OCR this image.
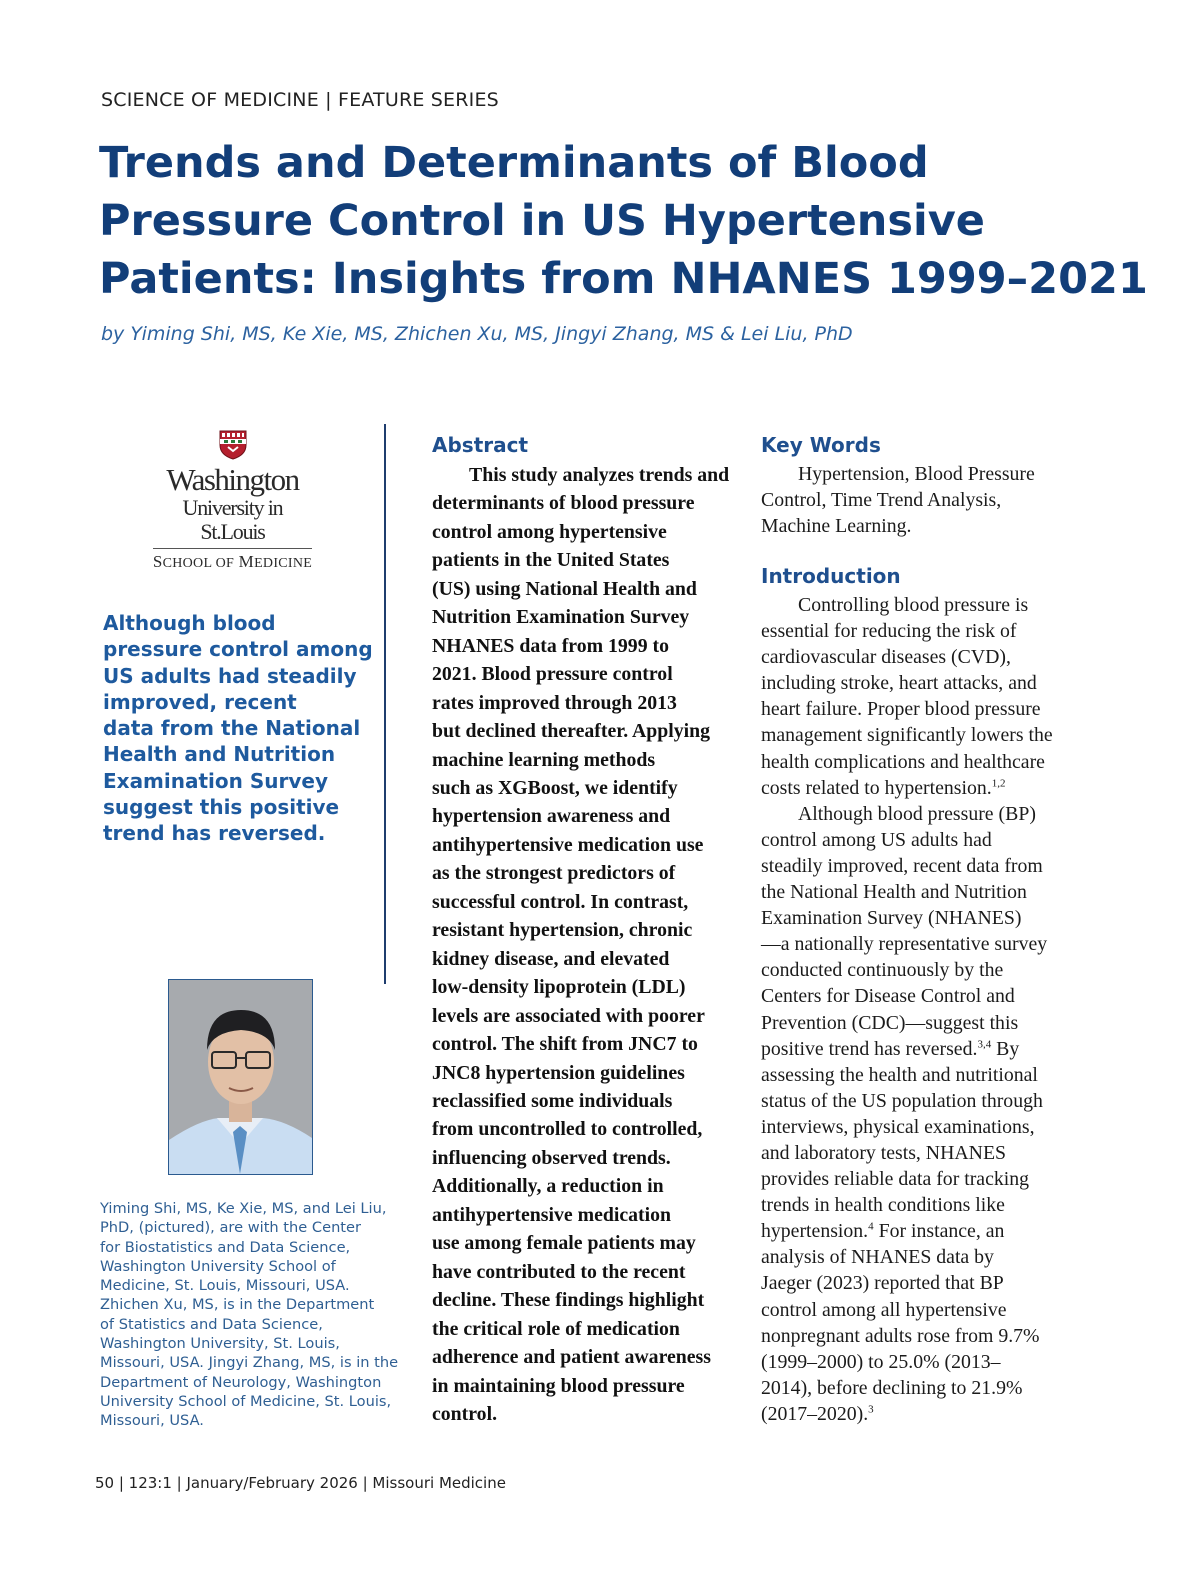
SCIENCE OF MEDICINE | FEATURE SERIES
Trends and Determinants of Blood
Pressure Control in US Hypertensive
Patients: Insights from NHANES 1999–2021
by Yiming Shi, MS, Ke Xie, MS, Zhichen Xu, MS, Jingyi Zhang, MS & Lei Liu, PhD
Washington
University in St.Louis
SCHOOL OF MEDICINE
Although blood
pressure control among
US adults had steadily
improved, recent
data from the National
Health and Nutrition
Examination Survey
suggest this positive
trend has reversed.
Yiming Shi, MS, Ke Xie, MS, and Lei Liu,
PhD, (pictured), are with the Center
for Biostatistics and Data Science,
Washington University School of
Medicine, St. Louis, Missouri, USA.
Zhichen Xu, MS, is in the Department
of Statistics and Data Science,
Washington University, St. Louis,
Missouri, USA. Jingyi Zhang, MS, is in the
Department of Neurology, Washington
University School of Medicine, St. Louis,
Missouri, USA.
Abstract
This study analyzes trends and
determinants of blood pressure
control among hypertensive
patients in the United States
(US) using National Health and
Nutrition Examination Survey
NHANES data from 1999 to
2021. Blood pressure control
rates improved through 2013
but declined thereafter. Applying
machine learning methods
such as XGBoost, we identify
hypertension awareness and
antihypertensive medication use
as the strongest predictors of
successful control. In contrast,
resistant hypertension, chronic
kidney disease, and elevated
low-density lipoprotein (LDL)
levels are associated with poorer
control. The shift from JNC7 to
JNC8 hypertension guidelines
reclassified some individuals
from uncontrolled to controlled,
influencing observed trends.
Additionally, a reduction in
antihypertensive medication
use among female patients may
have contributed to the recent
decline. These findings highlight
the critical role of medication
adherence and patient awareness
in maintaining blood pressure
control.
Key Words
Hypertension, Blood Pressure
Control, Time Trend Analysis,
Machine Learning.
Introduction
Controlling blood pressure is
essential for reducing the risk of
cardiovascular diseases (CVD),
including stroke, heart attacks, and
heart failure. Proper blood pressure
management significantly lowers the
health complications and healthcare
costs related to hypertension.$^{1,2}$
Although blood pressure (BP)
control among US adults had
steadily improved, recent data from
the National Health and Nutrition
Examination Survey (NHANES)
—a nationally representative survey
conducted continuously by the
Centers for Disease Control and
Prevention (CDC)—suggest this
positive trend has reversed.$^{3,4}$ By
assessing the health and nutritional
status of the US population through
interviews, physical examinations,
and laboratory tests, NHANES
provides reliable data for tracking
trends in health conditions like
hypertension.$^4$ For instance, an
analysis of NHANES data by
Jaeger (2023) reported that BP
control among all hypertensive
nonpregnant adults rose from 9.7%
(1999–2000) to 25.0% (2013–
2014), before declining to 21.9%
(2017–2020).$^3$
50 | 123:1 | January/February 2026 | Missouri Medicine
